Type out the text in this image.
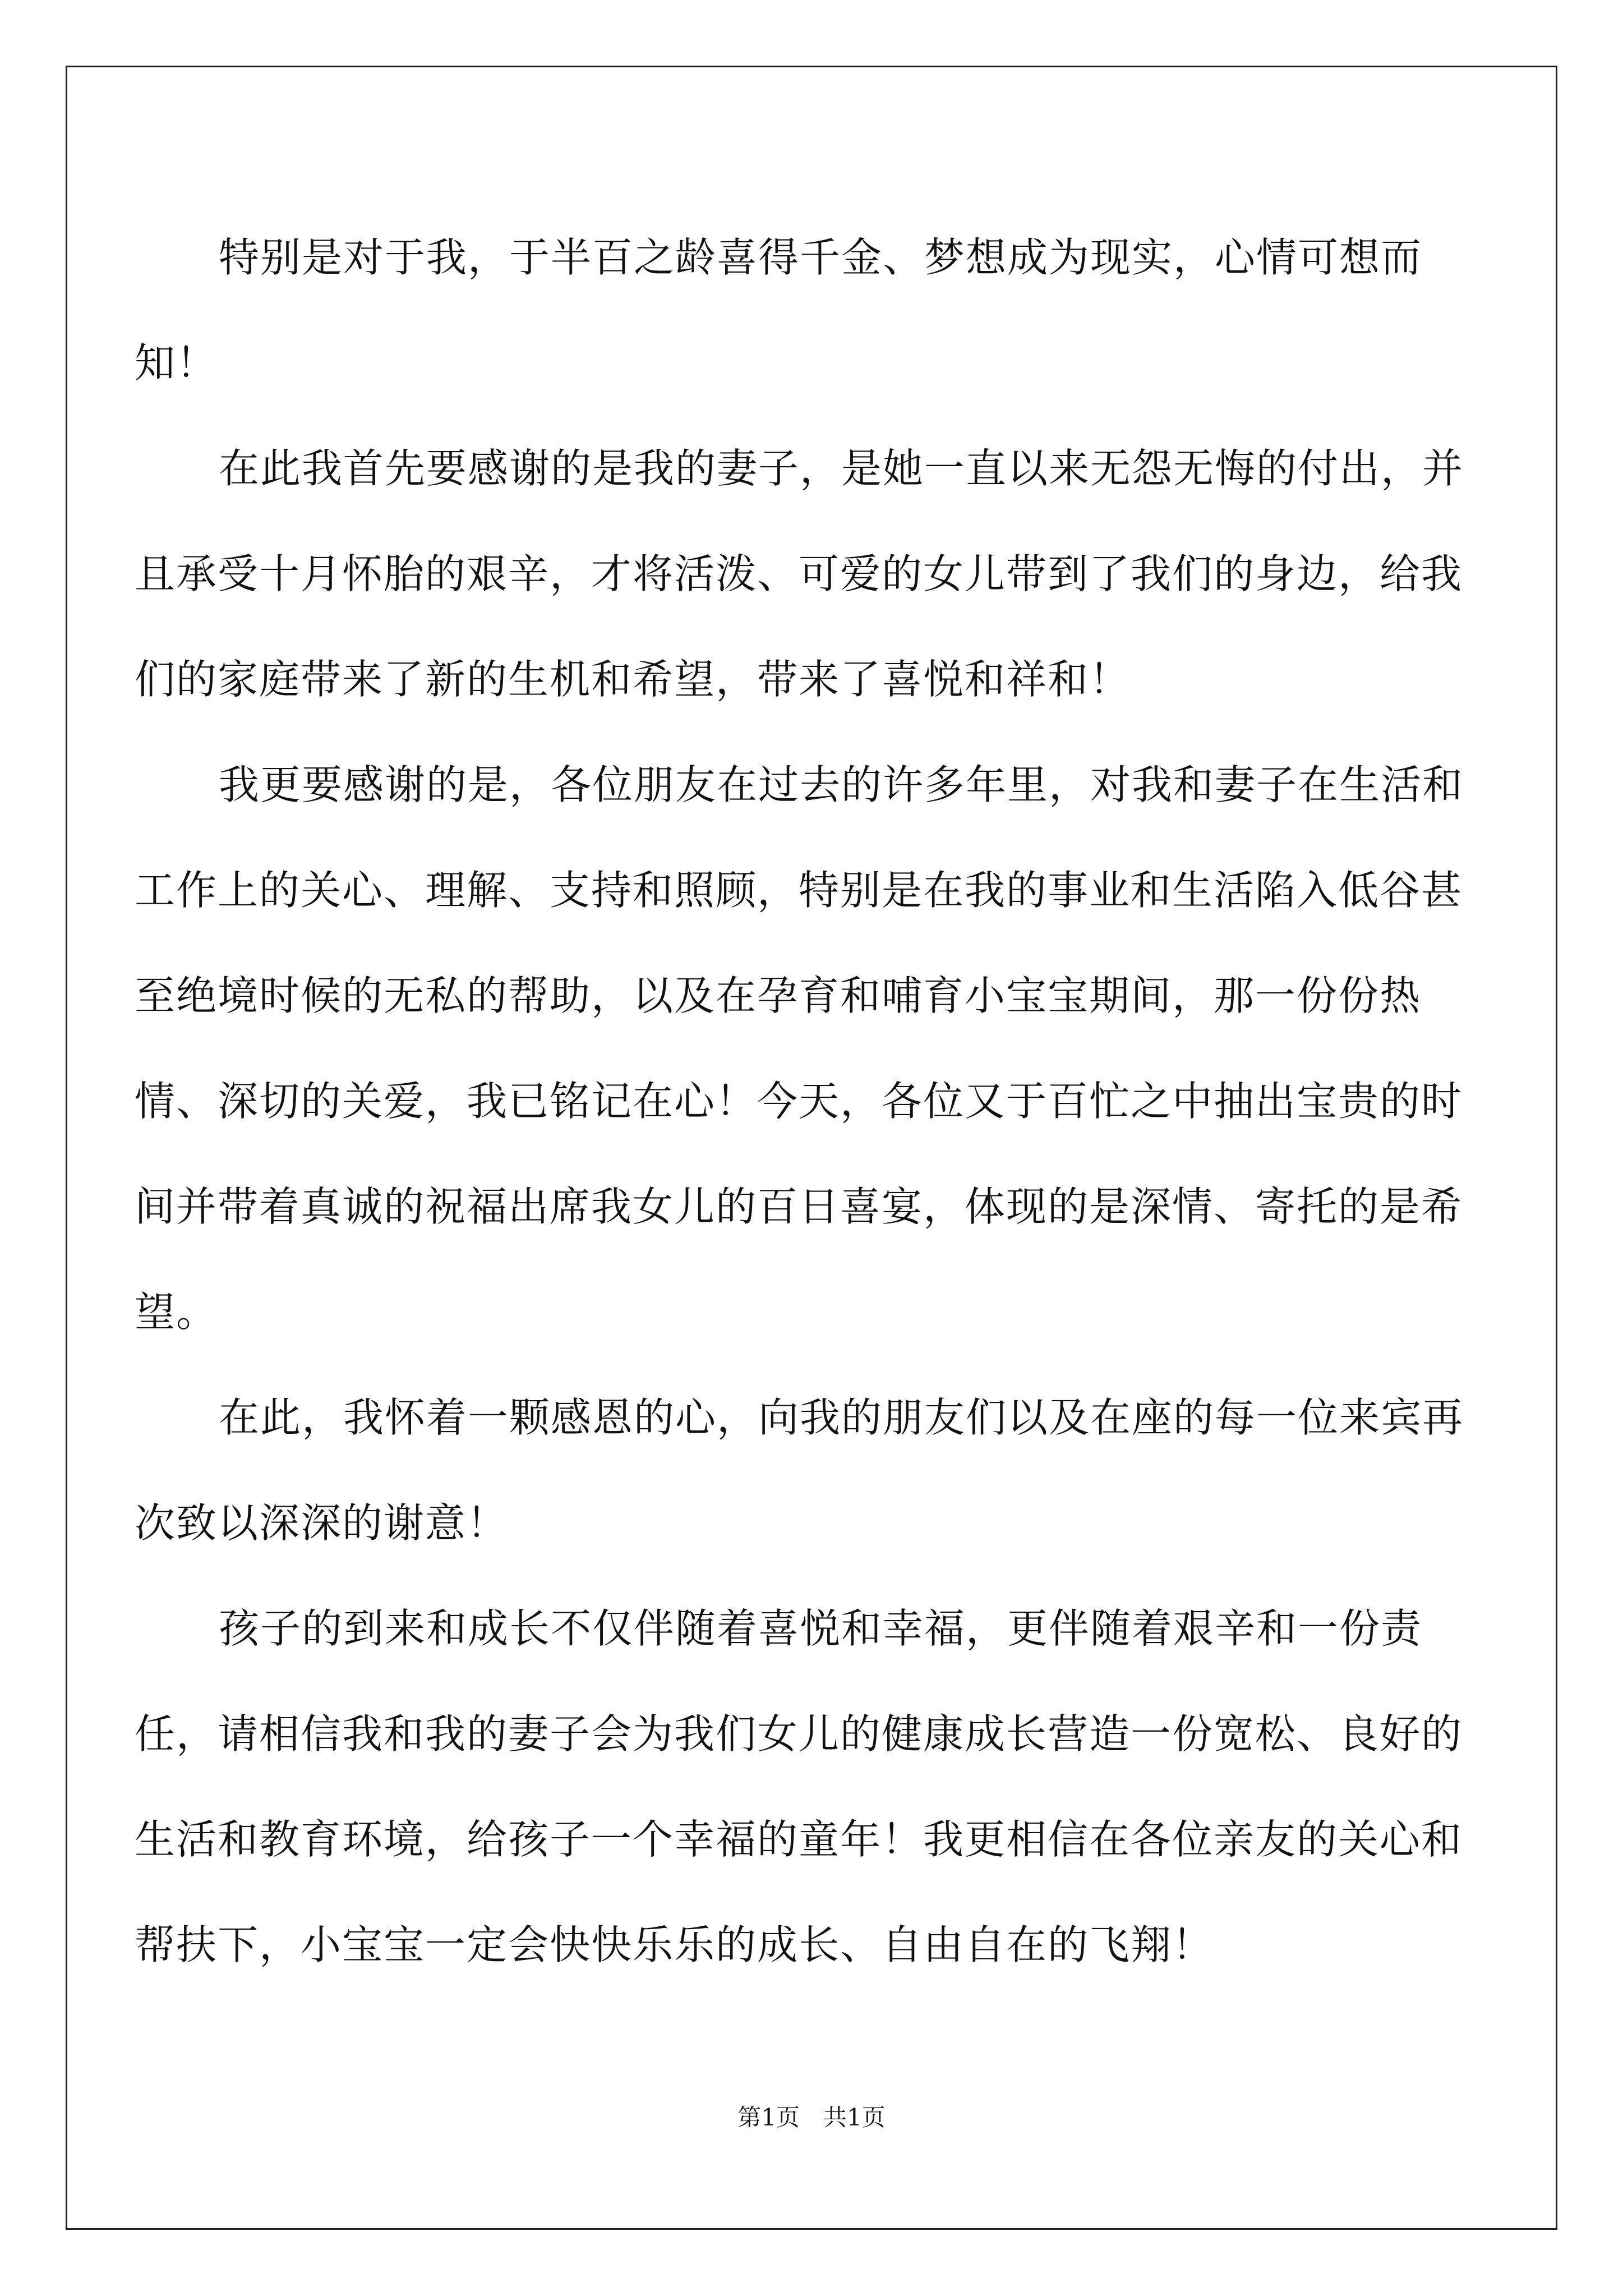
特别是对于我，于半百之龄喜得千金、梦想成为现实，心情可想而知！

在此我首先要感谢的是我的妻子，是她一直以来无怨无悔的付出，并且承受十月怀胎的艰辛，才将活泼、可爱的女儿带到了我们的身边，给我们的家庭带来了新的生机和希望，带来了喜悦和祥和！

我更要感谢的是，各位朋友在过去的许多年里，对我和妻子在生活和工作上的关心、理解、支持和照顾，特别是在我的事业和生活陷入低谷甚至绝境时候的无私的帮助，以及在孕育和哺育小宝宝期间，那一份份热情、深切的关爱，我已铭记在心！今天，各位又于百忙之中抽出宝贵的时间并带着真诚的祝福出席我女儿的百日喜宴，体现的是深情、寄托的是希望。

在此，我怀着一颗感恩的心，向我的朋友们以及在座的每一位来宾再次致以深深的谢意！

孩子的到来和成长不仅伴随着喜悦和幸福，更伴随着艰辛和一份责任，请相信我和我的妻子会为我们女儿的健康成长营造一份宽松、良好的生活和教育环境，给孩子一个幸福的童年！我更相信在各位亲友的关心和帮扶下，小宝宝一定会快快乐乐的成长、自由自在的飞翔！

第1页　共1页
